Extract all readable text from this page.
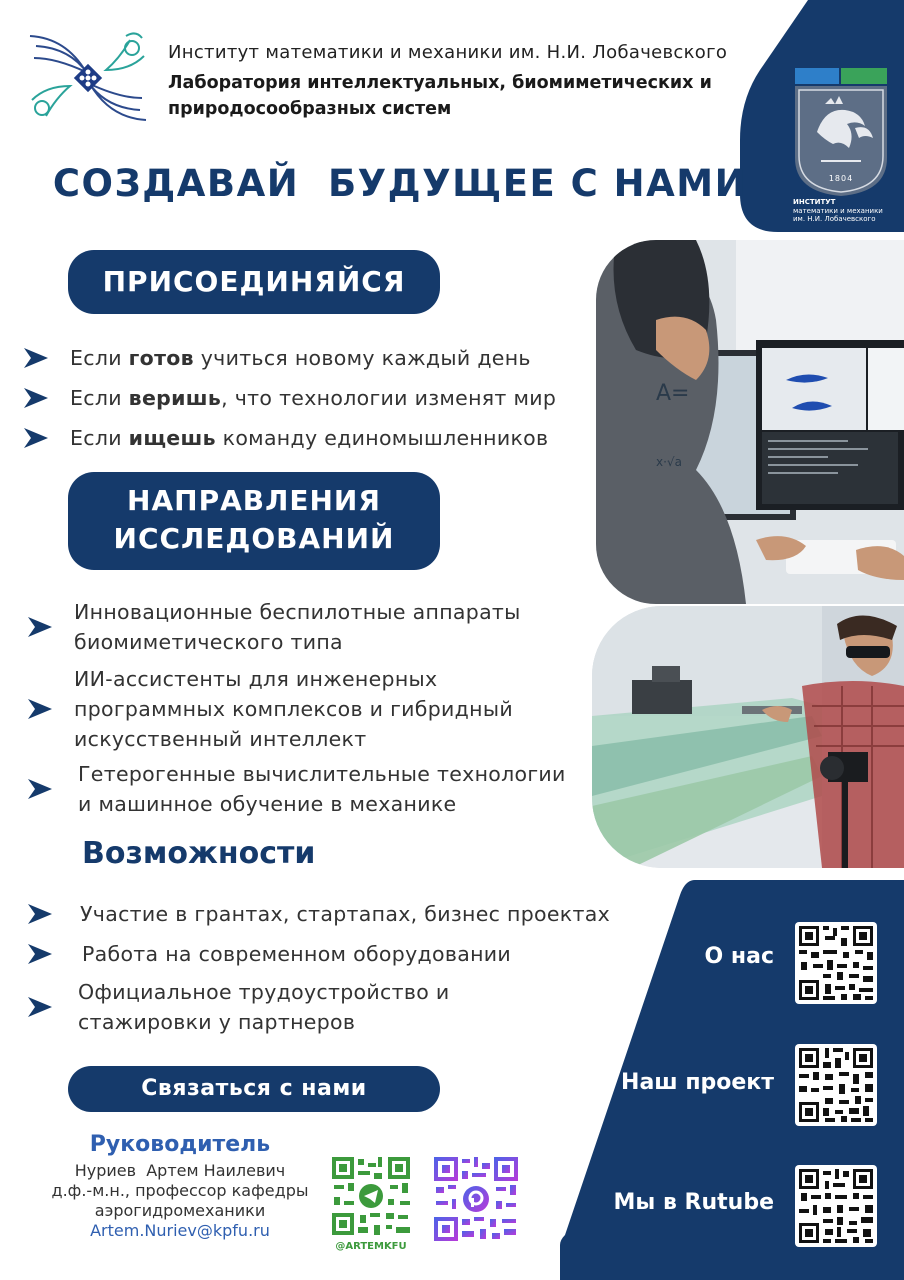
Институт математики и механики им. Н.И. Лобачевского
Лаборатория интеллектуальных, биомиметических и природосообразных систем
1804
ИНСТИТУТ
математики и механики
им. Н.И. Лобачевского
СОЗДАВАЙ  БУДУЩЕЕ С НАМИ
ПРИСОЕДИНЯЙСЯ
Если готов учиться новому каждый день
Если веришь, что технологии изменят мир
Если ищешь команду единомышленников
НАПРАВЛЕНИЯ
ИССЛЕДОВАНИЙ
Инновационные беспилотные аппараты
биомиметического типа
ИИ-ассистенты для инженерных
программных комплексов и гибридный
искусственный интеллект
Гетерогенные вычислительные технологии
и машинное обучение в механике
Возможности
Участие в грантах, стартапах, бизнес проектах
Работа на современном оборудовании
Официальное трудоустройство и
стажировки у партнеров
Связаться с нами
Руководитель
Нуриев  Артем Наилевич
д.ф.-м.н., профессор кафедры
аэрогидромеханики
Artem.Nuriev@kpfu.ru
@ARTEMKFU
A=
x·√a
О нас
Наш проект
Мы в Rutube
